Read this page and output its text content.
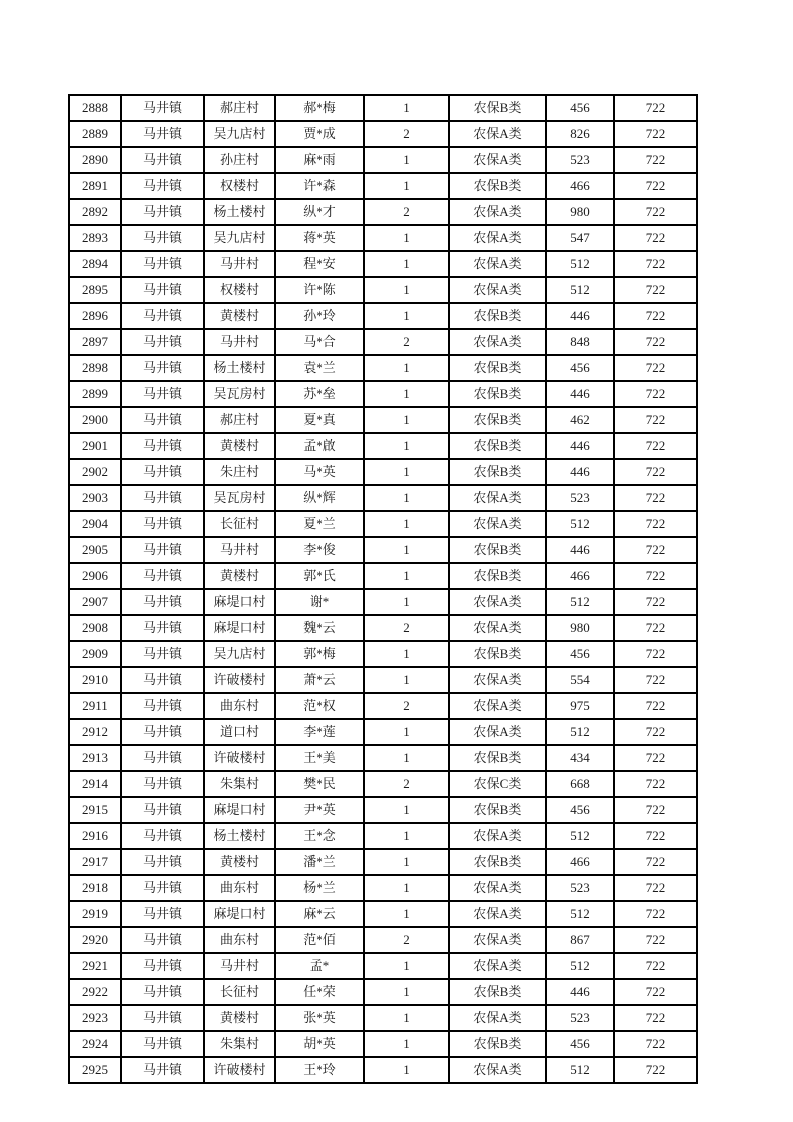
2888	马井镇	郝庄村	郝*梅	1	农保B类	456	722
2889	马井镇	吴九店村	贾*成	2	农保A类	826	722
2890	马井镇	孙庄村	麻*雨	1	农保A类	523	722
2891	马井镇	权楼村	许*森	1	农保B类	466	722
2892	马井镇	杨土楼村	纵*才	2	农保A类	980	722
2893	马井镇	吴九店村	蒋*英	1	农保A类	547	722
2894	马井镇	马井村	程*安	1	农保A类	512	722
2895	马井镇	权楼村	许*陈	1	农保A类	512	722
2896	马井镇	黄楼村	孙*玲	1	农保B类	446	722
2897	马井镇	马井村	马*合	2	农保A类	848	722
2898	马井镇	杨土楼村	袁*兰	1	农保B类	456	722
2899	马井镇	吴瓦房村	苏*垒	1	农保B类	446	722
2900	马井镇	郝庄村	夏*真	1	农保B类	462	722
2901	马井镇	黄楼村	孟*啟	1	农保B类	446	722
2902	马井镇	朱庄村	马*英	1	农保B类	446	722
2903	马井镇	吴瓦房村	纵*辉	1	农保A类	523	722
2904	马井镇	长征村	夏*兰	1	农保A类	512	722
2905	马井镇	马井村	李*俊	1	农保B类	446	722
2906	马井镇	黄楼村	郭*氏	1	农保B类	466	722
2907	马井镇	麻堤口村	谢*	1	农保A类	512	722
2908	马井镇	麻堤口村	魏*云	2	农保A类	980	722
2909	马井镇	吴九店村	郭*梅	1	农保B类	456	722
2910	马井镇	许破楼村	萧*云	1	农保A类	554	722
2911	马井镇	曲东村	范*权	2	农保A类	975	722
2912	马井镇	道口村	李*莲	1	农保A类	512	722
2913	马井镇	许破楼村	王*美	1	农保B类	434	722
2914	马井镇	朱集村	樊*民	2	农保C类	668	722
2915	马井镇	麻堤口村	尹*英	1	农保B类	456	722
2916	马井镇	杨土楼村	王*念	1	农保A类	512	722
2917	马井镇	黄楼村	潘*兰	1	农保B类	466	722
2918	马井镇	曲东村	杨*兰	1	农保A类	523	722
2919	马井镇	麻堤口村	麻*云	1	农保A类	512	722
2920	马井镇	曲东村	范*佰	2	农保A类	867	722
2921	马井镇	马井村	孟*	1	农保A类	512	722
2922	马井镇	长征村	任*荣	1	农保B类	446	722
2923	马井镇	黄楼村	张*英	1	农保A类	523	722
2924	马井镇	朱集村	胡*英	1	农保B类	456	722
2925	马井镇	许破楼村	王*玲	1	农保A类	512	722
